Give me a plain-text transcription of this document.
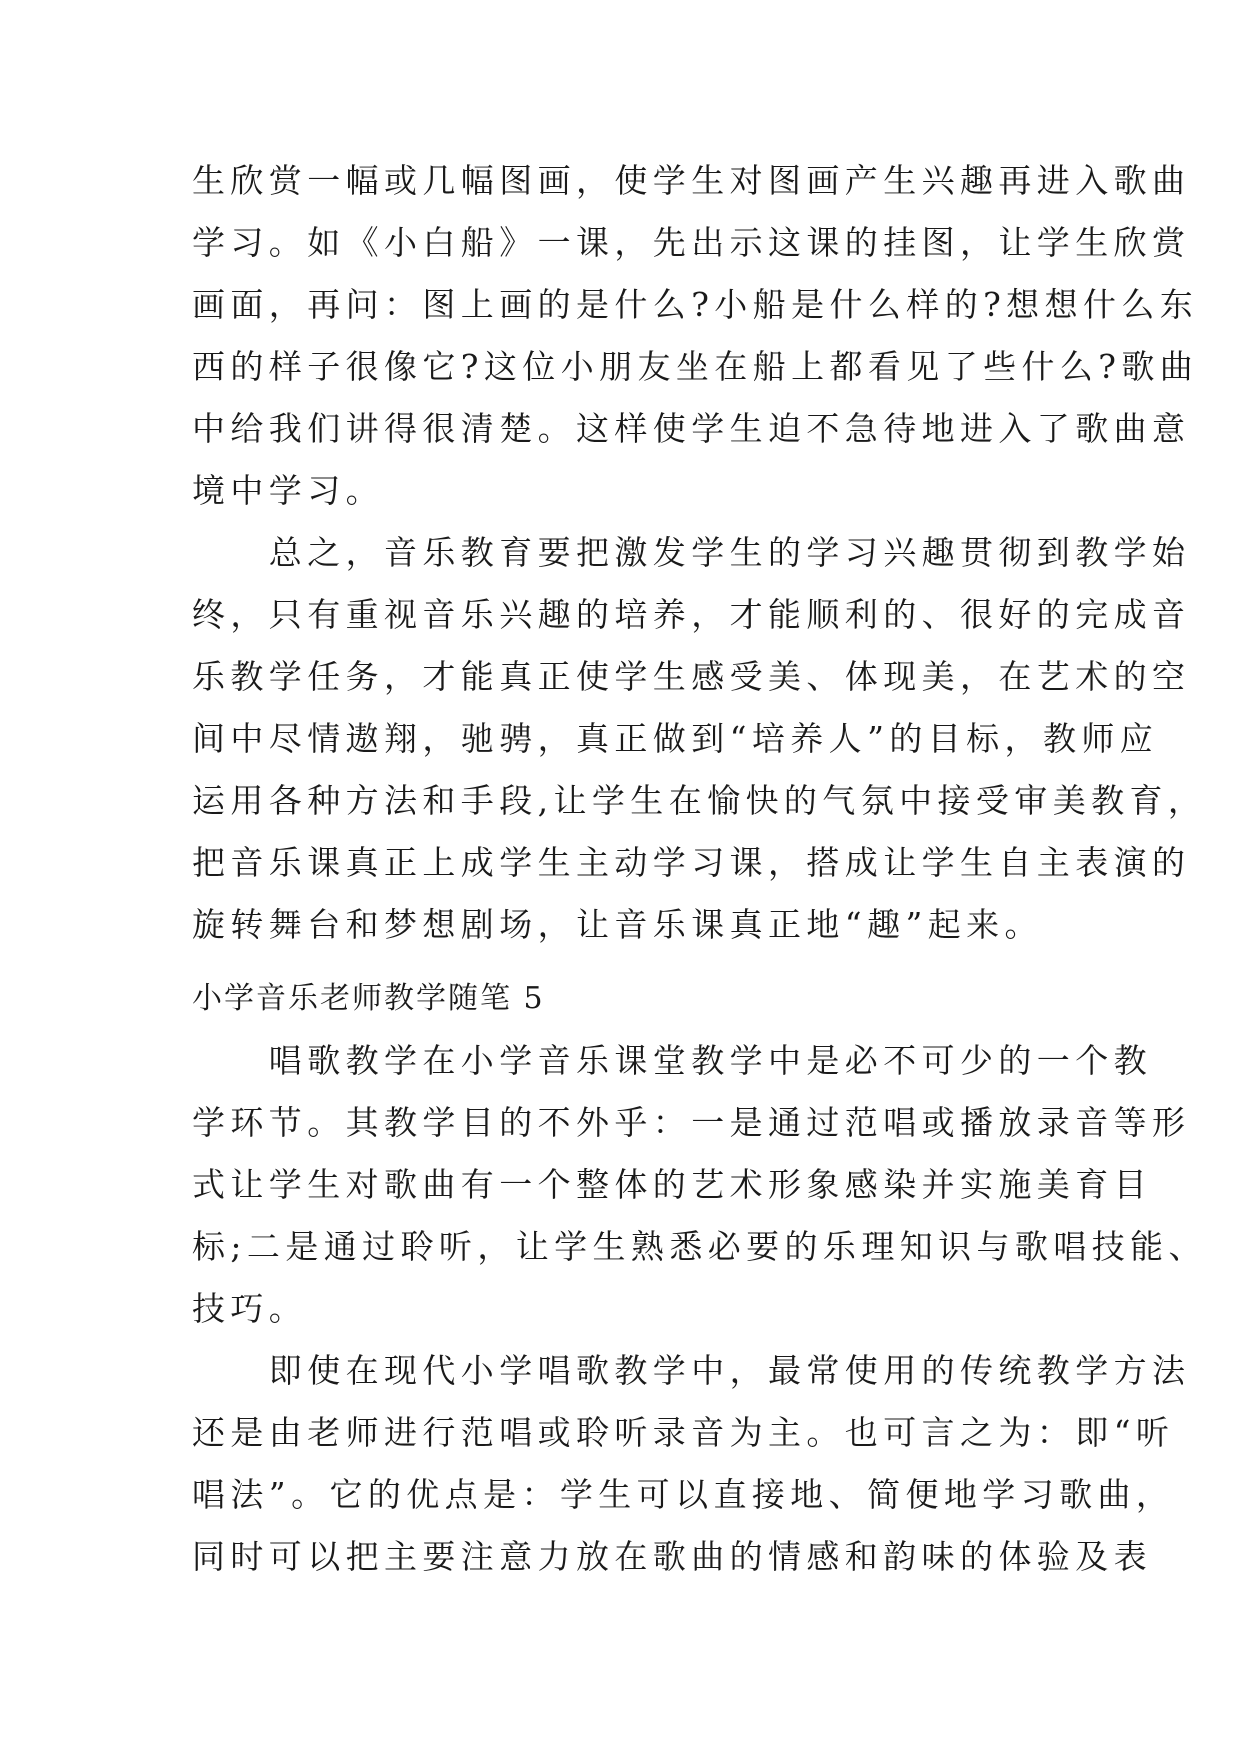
生欣赏一幅或几幅图画，使学生对图画产生兴趣再进入歌曲
学习。如《小白船》一课，先出示这课的挂图，让学生欣赏
画面，再问：图上画的是什么?小船是什么样的?想想什么东
西的样子很像它?这位小朋友坐在船上都看见了些什么?歌曲
中给我们讲得很清楚。这样使学生迫不急待地进入了歌曲意
境中学习。
　　总之，音乐教育要把激发学生的学习兴趣贯彻到教学始
终，只有重视音乐兴趣的培养，才能顺利的、很好的完成音
乐教学任务，才能真正使学生感受美、体现美，在艺术的空
间中尽情遨翔，驰骋，真正做到“培养人”的目标，教师应
运用各种方法和手段,让学生在愉快的气氛中接受审美教育，
把音乐课真正上成学生主动学习课，搭成让学生自主表演的
旋转舞台和梦想剧场，让音乐课真正地“趣”起来。
小学音乐老师教学随笔 5
　　唱歌教学在小学音乐课堂教学中是必不可少的一个教
学环节。其教学目的不外乎：一是通过范唱或播放录音等形
式让学生对歌曲有一个整体的艺术形象感染并实施美育目
标;二是通过聆听，让学生熟悉必要的乐理知识与歌唱技能、
技巧。
　　即使在现代小学唱歌教学中，最常使用的传统教学方法
还是由老师进行范唱或聆听录音为主。也可言之为：即“听
唱法”。它的优点是：学生可以直接地、简便地学习歌曲，
同时可以把主要注意力放在歌曲的情感和韵味的体验及表
